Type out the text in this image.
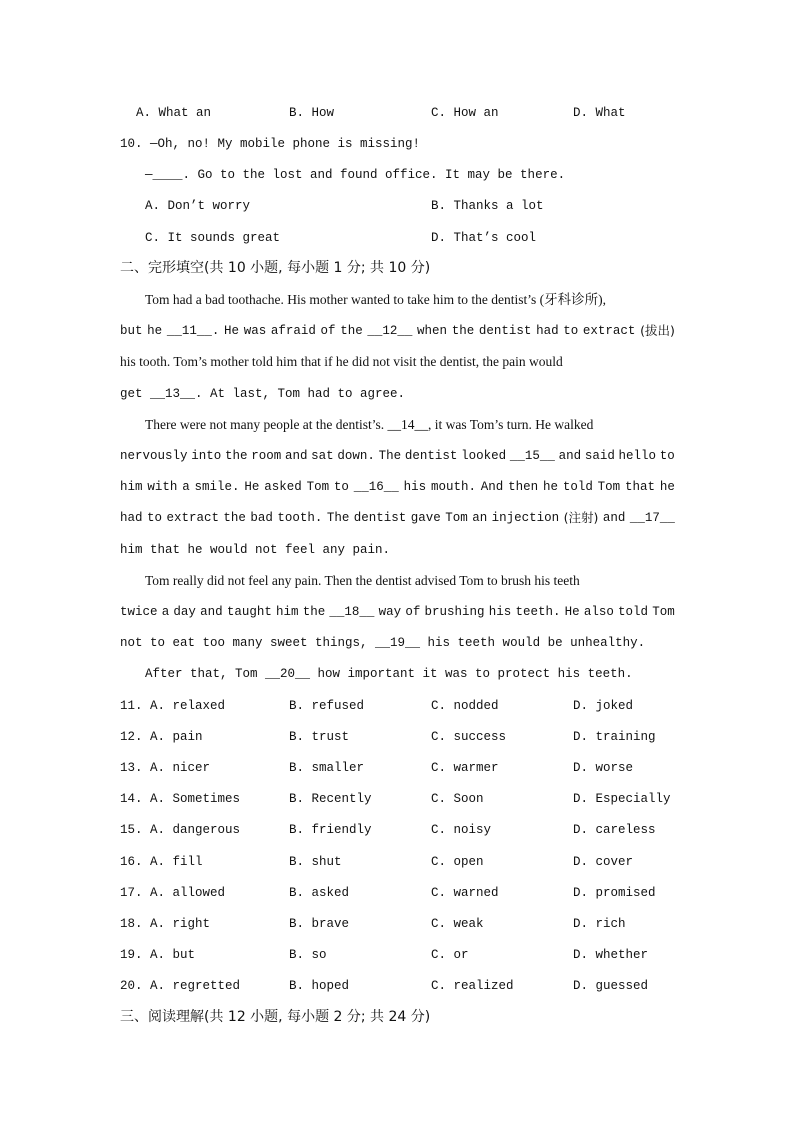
A. What an	B. How	C. How an	D. What
10. —Oh, no! My mobile phone is missing!
—____. Go to the lost and found office. It may be there.
A. Don’t worry	B. Thanks a lot
C. It sounds great	D. That’s cool
二、完形填空(共 10 小题, 每小题 1 分; 共 10 分)
Tom had a bad toothache. His mother wanted to take him to the dentist’s (牙科诊所),
but he __11__. He was afraid of the __12__ when the dentist had to extract (拔出)
his tooth. Tom’s mother told him that if he did not visit the dentist, the pain would
get __13__. At last, Tom had to agree.
There were not many people at the dentist’s. __14__, it was Tom’s turn. He walked
nervously into the room and sat down. The dentist looked __15__ and said hello to
him with a smile. He asked Tom to __16__ his mouth. And then he told Tom that he
had to extract the bad tooth. The dentist gave Tom an injection (注射) and __17__
him that he would not feel any pain.
Tom really did not feel any pain. Then the dentist advised Tom to brush his teeth
twice a day and taught him the __18__ way of brushing his teeth. He also told Tom
not to eat too many sweet things, __19__ his teeth would be unhealthy.
After that, Tom __20__ how important it was to protect his teeth.
11. A. relaxed	B. refused	C. nodded	D. joked
12. A. pain	B. trust	C. success	D. training
13. A. nicer	B. smaller	C. warmer	D. worse
14. A. Sometimes	B. Recently	C. Soon	D. Especially
15. A. dangerous	B. friendly	C. noisy	D. careless
16. A. fill	B. shut	C. open	D. cover
17. A. allowed	B. asked	C. warned	D. promised
18. A. right	B. brave	C. weak	D. rich
19. A. but	B. so	C. or	D. whether
20. A. regretted	B. hoped	C. realized	D. guessed
三、阅读理解(共 12 小题, 每小题 2 分; 共 24 分)
